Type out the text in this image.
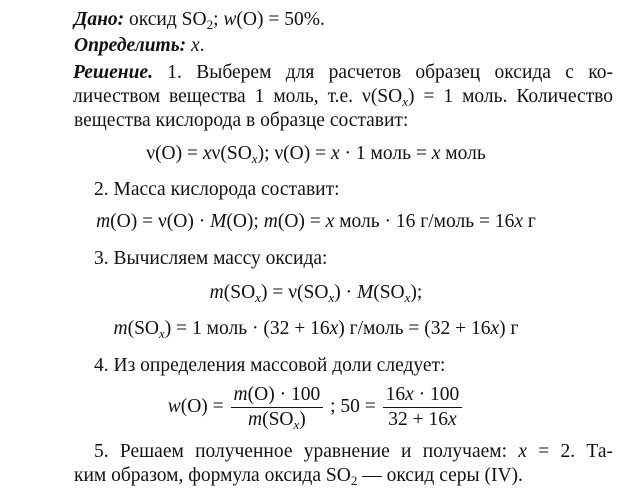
Дано: оксид $SO_2$; w(O) = 50%.
Определить: x.
Решение. 1. Выберем для расчетов образец оксида с ко-
личеством вещества 1 моль, т.е. $\nu(SO_x) = 1$ моль. Количество
вещества кислорода в образце составит:
$\nu(O) = x\nu(SO_x)$; ν(O) = x · 1 моль = x моль
2. Масса кислорода составит:
m(O) = ν(O) · M(O); m(O) = x моль · 16 г/моль = 16x г
3. Вычисляем массу оксида:
$m(SO_x) = \nu(SO_x) \cdot M(SO_x)$;
$m(SO_x) = 1$ моль · (32 + 16x) г/моль = (32 + 16x) г
4. Из определения массовой доли следует:
$w(O) = \frac{m(O) \cdot 100}{m(SO_x)}$ ; $50 = \frac{16x \cdot 100}{32 + 16x}$
5. Решаем полученное уравнение и получаем: x = 2. Та-
ким образом, формула оксида $SO_2$ — оксид серы (IV).
